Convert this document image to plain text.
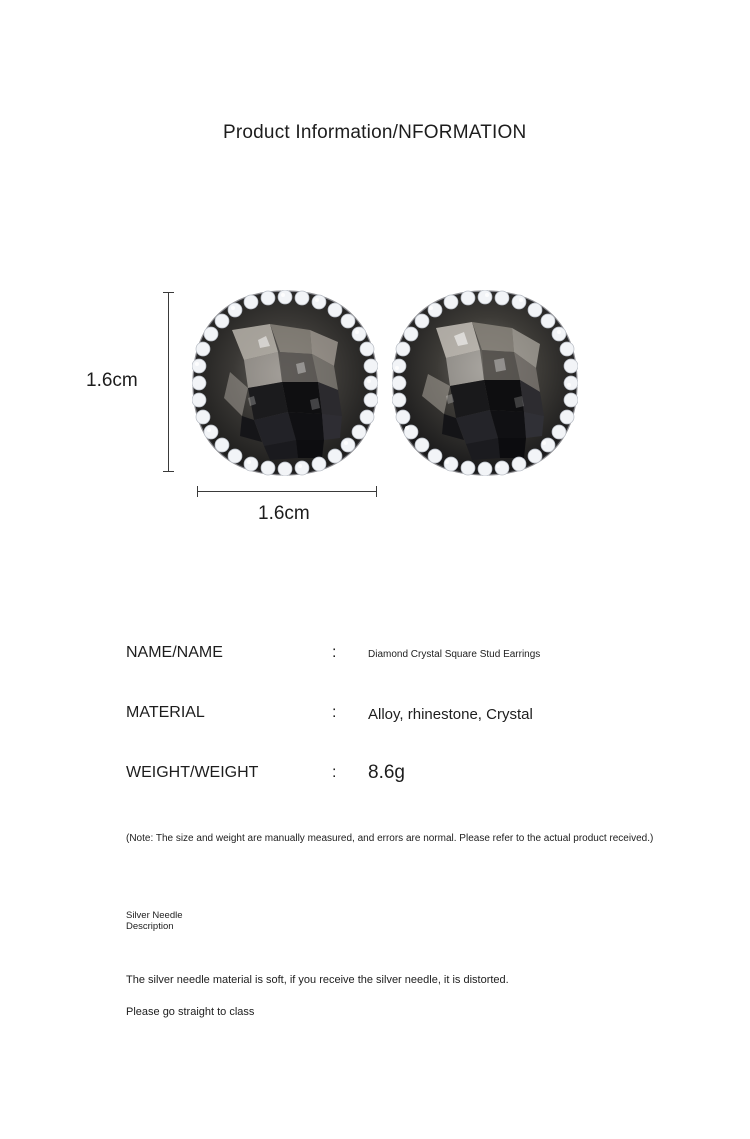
Product Information/NFORMATION
1.6cm
1.6cm
NAME/NAME	:	Diamond Crystal Square Stud Earrings
MATERIAL	: Alloy, rhinestone, Crystal
WEIGHT/WEIGHT	: 8.6g
(Note: The size and weight are manually measured, and errors are normal. Please refer to the actual product received.)
Silver Needle
Description
The silver needle material is soft, if you receive the silver needle, it is distorted.
Please go straight to class
